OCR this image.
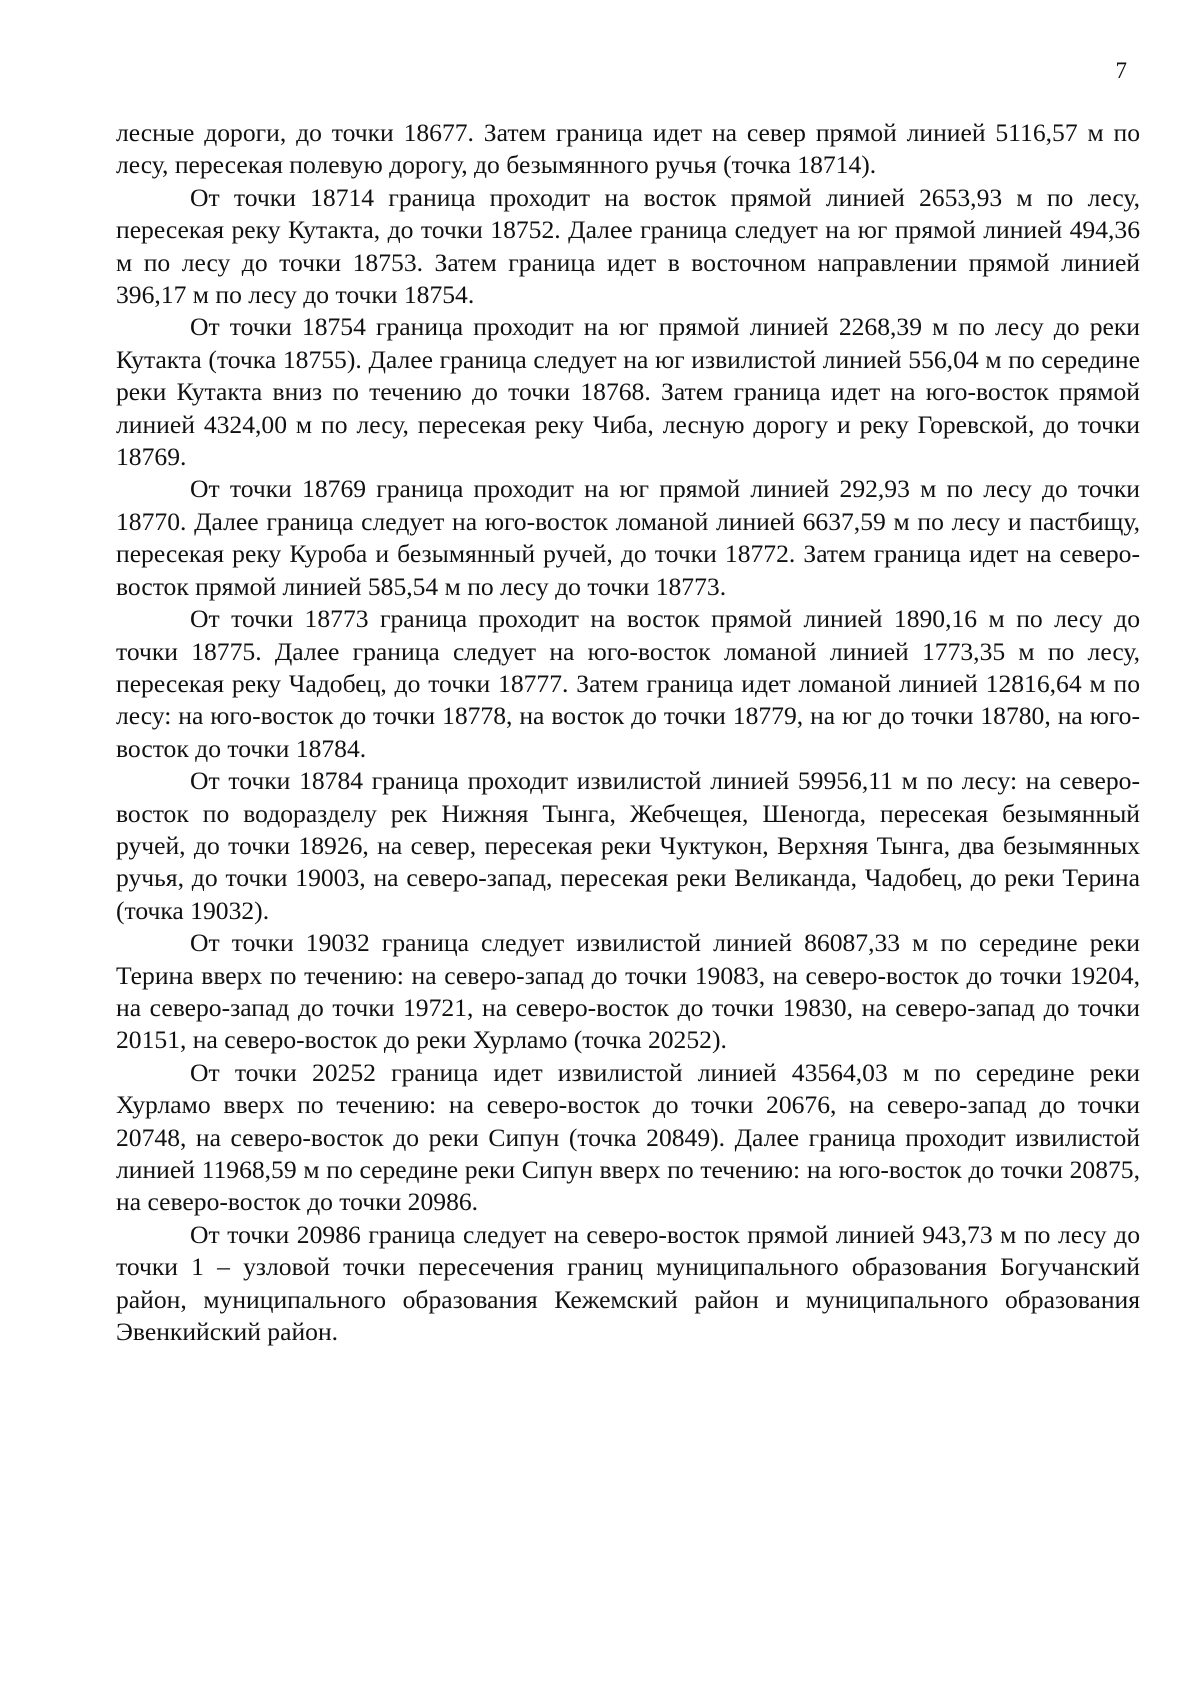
7

лесные дороги, до точки 18677. Затем граница идет на север прямой линией 5116,57 м по лесу, пересекая полевую дорогу, до безымянного ручья (точка 18714).

От точки 18714 граница проходит на восток прямой линией 2653,93 м по лесу, пересекая реку Кутакта, до точки 18752. Далее граница следует на юг прямой линией 494,36 м по лесу до точки 18753. Затем граница идет в восточном направлении прямой линией 396,17 м по лесу до точки 18754.

От точки 18754 граница проходит на юг прямой линией 2268,39 м по лесу до реки Кутакта (точка 18755). Далее граница следует на юг извилистой линией 556,04 м по середине реки Кутакта вниз по течению до точки 18768. Затем граница идет на юго-восток прямой линией 4324,00 м по лесу, пересекая реку Чиба, лесную дорогу и реку Горевской, до точки 18769.

От точки 18769 граница проходит на юг прямой линией 292,93 м по лесу до точки 18770. Далее граница следует на юго-восток ломаной линией 6637,59 м по лесу и пастбищу, пересекая реку Куроба и безымянный ручей, до точки 18772. Затем граница идет на северо-восток прямой линией 585,54 м по лесу до точки 18773.

От точки 18773 граница проходит на восток прямой линией 1890,16 м по лесу до точки 18775. Далее граница следует на юго-восток ломаной линией 1773,35 м по лесу, пересекая реку Чадобец, до точки 18777. Затем граница идет ломаной линией 12816,64 м по лесу: на юго-восток до точки 18778, на восток до точки 18779, на юг до точки 18780, на юго-восток до точки 18784.

От точки 18784 граница проходит извилистой линией 59956,11 м по лесу: на северо-восток по водоразделу рек Нижняя Тынга, Жебчещея, Шеногда, пересекая безымянный ручей, до точки 18926, на север, пересекая реки Чуктукон, Верхняя Тынга, два безымянных ручья, до точки 19003, на северо-запад, пересекая реки Великанда, Чадобец, до реки Терина (точка 19032).

От точки 19032 граница следует извилистой линией 86087,33 м по середине реки Терина вверх по течению: на северо-запад до точки 19083, на северо-восток до точки 19204, на северо-запад до точки 19721, на северо-восток до точки 19830, на северо-запад до точки 20151, на северо-восток до реки Хурламо (точка 20252).

От точки 20252 граница идет извилистой линией 43564,03 м по середине реки Хурламо вверх по течению: на северо-восток до точки 20676, на северо-запад до точки 20748, на северо-восток до реки Сипун (точка 20849). Далее граница проходит извилистой линией 11968,59 м по середине реки Сипун вверх по течению: на юго-восток до точки 20875, на северо-восток до точки 20986.

От точки 20986 граница следует на северо-восток прямой линией 943,73 м по лесу до точки 1 – узловой точки пересечения границ муниципального образования Богучанский район, муниципального образования Кежемский район и муниципального образования Эвенкийский район.
